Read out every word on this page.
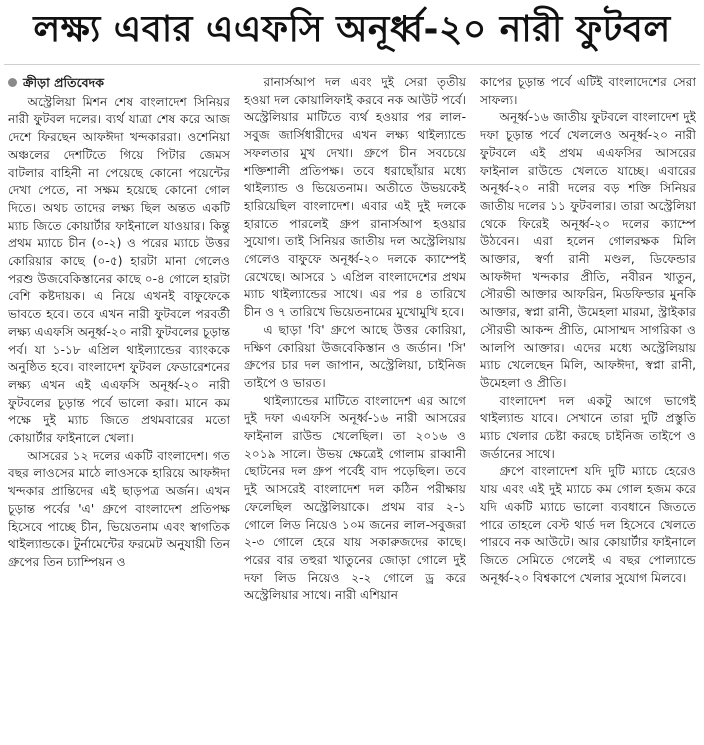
লক্ষ্য এবার এএফসি অনূর্ধ্ব-২০ নারী ফুটবল
ক্রীড়া প্রতিবেদক

অস্ট্রেলিয়া মিশন শেষ বাংলাদেশ সিনিয়র নারী ফুটবল দলের। ব্যর্থ যাত্রা শেষ করে আজ দেশে ফিরছেন আফঈদা খন্দকাররা। ওশেনিয়া অঞ্চলের দেশটিতে গিয়ে পিটার জেমস বাটলার বাহিনী না পেয়েছে কোনো পয়েন্টের দেখা পেতে, না সক্ষম হয়েছে কোনো গোল দিতে। অথচ তাদের লক্ষ্য ছিল অন্তত একটি ম্যাচ জিতে কোয়ার্টার ফাইনালে যাওয়ার। কিন্তু প্রথম ম্যাচে চীন (০-২) ও পরের ম্যাচে উত্তর কোরিয়ার কাছে (০-৫) হারটা মানা গেলেও পরশু উজবেকিস্তানের কাছে ০-৪ গোলে হারটা বেশি কষ্টদায়ক। এ নিয়ে এখনই বাফুফেকে ভাবতে হবে। তবে এখন নারী ফুটবলে পরবর্তী লক্ষ্য এএফসি অনূর্ধ্ব-২০ নারী ফুটবলের চূড়ান্ত পর্ব। যা ১-১৮ এপ্রিল থাইল্যান্ডের ব্যাংককে অনুষ্ঠিত হবে। বাংলাদেশ ফুটবল ফেডারেশনের লক্ষ্য এখন এই এএফসি অনূর্ধ্ব-২০ নারী ফুটবলের চূড়ান্ত পর্বে ভালো করা। মানে কম পক্ষে দুই ম্যাচ জিতে প্রথমবারের মতো কোয়ার্টার ফাইনালে খেলা।

আসরের ১২ দলের একটি বাংলাদেশ। গত বছর লাওসের মাঠে লাওসকে হারিয়ে আফঈদা খন্দকার প্রান্তিদের এই ছাড়পত্র অর্জন। এখন চূড়ান্ত পর্বের 'এ' গ্রুপে বাংলাদেশ প্রতিপক্ষ হিসেবে পাচ্ছে চীন, ভিয়েতনাম এবং স্বাগতিক থাইল্যান্ডকে। টুর্নামেন্টের ফরমেট অনুযায়ী তিন গ্রুপের তিন চ্যাম্পিয়ন ও

রানার্সআপ দল এবং দুই সেরা তৃতীয় হওয়া দল কোয়ালিফাই করবে নক আউট পর্বে। অস্ট্রেলিয়ার মাটিতে ব্যর্থ হওয়ার পর লাল-সবুজ জার্সিধারীদের এখন লক্ষ্য থাইল্যান্ডে সফলতার মুখ দেখা। গ্রুপে চীন সবচেয়ে শক্তিশালী প্রতিপক্ষ। তবে ধরাছোঁয়ার মধ্যে থাইল্যান্ড ও ভিয়েতনাম। অতীতে উভয়কেই হারিয়েছিল বাংলাদেশ। এবার এই দুই দলকে হারাতে পারলেই গ্রুপ রানার্সআপ হওয়ার সুযোগ। তাই সিনিয়র জাতীয় দল অস্ট্রেলিয়ায় গেলেও বাফুফে অনূর্ধ্ব-২০ দলকে ক্যাম্পেই রেখেছে। আসরে ১ এপ্রিল বাংলাদেশের প্রথম ম্যাচ থাইল্যান্ডের সাথে। এর পর ৪ তারিখে চীন ও ৭ তারিখে ভিয়েতনামের মুখোমুখি হবে।

এ ছাড়া 'বি' গ্রুপে আছে উত্তর কোরিয়া, দক্ষিণ কোরিয়া উজবেকিস্তান ও জর্ডান। 'সি' গ্রুপের চার দল জাপান, অস্ট্রেলিয়া, চাইনিজ তাইপে ও ভারত।

থাইল্যান্ডের মাটিতে বাংলাদেশ এর আগে দুই দফা এএফসি অনূর্ধ্ব-১৬ নারী আসরের ফাইনাল রাউন্ড খেলেছিল। তা ২০১৬ ও ২০১৯ সালে। উভয় ক্ষেত্রেই গোলাম রাব্বানী ছোটনের দল গ্রুপ পর্বেই বাদ পড়েছিল। তবে দুই আসরেই বাংলাদেশ দল কঠিন পরীক্ষায় ফেলেছিল অস্ট্রেলিয়াকে। প্রথম বার ২-১ গোলে লিড নিয়েও ১০ম জনের লাল-সবুজরা ২-৩ গোলে হেরে যায় সকারুজদের কাছে। পরের বার তহুরা খাতুনের জোড়া গোলে দুই দফা লিড নিয়েও ২-২ গোলে ড্র করে অস্ট্রেলিয়ার সাথে। নারী এশিয়ান

কাপের চূড়ান্ত পর্বে এটিই বাংলাদেশের সেরা সাফল্য।

অনূর্ধ্ব-১৬ জাতীয় ফুটবলে বাংলাদেশ দুই দফা চূড়ান্ত পর্বে খেললেও অনূর্ধ্ব-২০ নারী ফুটবলে এই প্রথম এএফসির আসরের ফাইনাল রাউন্ডে খেলতে যাচ্ছে। এবারের অনূর্ধ্ব-২০ নারী দলের বড় শক্তি সিনিয়র জাতীয় দলের ১১ ফুটবলার। তারা অস্ট্রেলিয়া থেকে ফিরেই অনূর্ধ্ব-২০ দলের ক্যাম্পে উঠবেন। এরা হলেন গোলরক্ষক মিলি আক্তার, স্বর্ণা রানী মণ্ডল, ডিফেন্ডার আফঈদা খন্দকার প্রীতি, নবীরন খাতুন, সৌরভী আক্তার আফরিন, মিডফিল্ডার মুনকি আক্তার, স্বপ্না রানী, উমেহলা মারমা, স্ট্রাইকার সৌরভী আকন্দ প্রীতি, মোসাম্মদ সাগরিকা ও আলপি আক্তার। এদের মধ্যে অস্ট্রেলিয়ায় ম্যাচ খেলেছেন মিলি, আফঈদা, স্বপ্না রানী, উমেহলা ও প্রীতি।

বাংলাদেশ দল একটু আগে ভাগেই থাইল্যান্ড যাবে। সেখানে তারা দুটি প্রস্তুতি ম্যাচ খেলার চেষ্টা করছে চাইনিজ তাইপে ও জর্ডানের সাথে।

গ্রুপে বাংলাদেশ যদি দুটি ম্যাচে হেরেও যায় এবং এই দুই ম্যাচে কম গোল হজম করে যদি একটি ম্যাচে ভালো ব্যবধানে জিততে পারে তাহলে বেস্ট থার্ড দল হিসেবে খেলতে পারবে নক আউটে। আর কোয়ার্টার ফাইনালে জিতে সেমিতে গেলেই এ বছর পোল্যান্ডে অনূর্ধ্ব-২০ বিশ্বকাপে খেলার সুযোগ মিলবে।
